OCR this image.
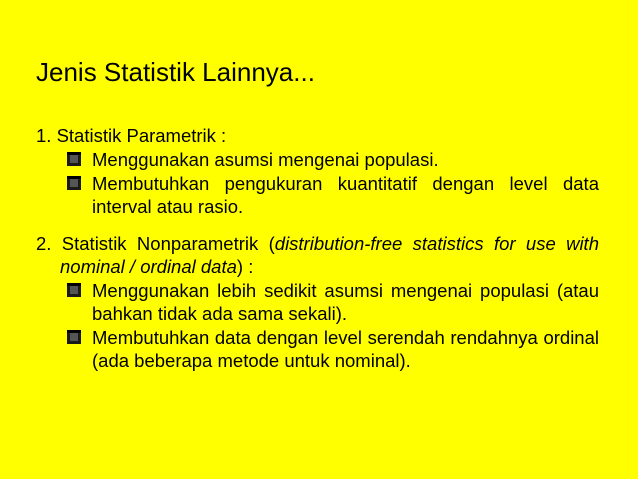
Jenis Statistik Lainnya...
1. Statistik Parametrik :
Menggunakan asumsi mengenai populasi.
Membutuhkan pengukuran kuantitatif dengan level data interval atau rasio.
2. Statistik Nonparametrik (distribution-free statistics for use with nominal / ordinal data) :
Menggunakan lebih sedikit asumsi mengenai populasi (atau bahkan tidak ada sama sekali).
Membutuhkan data dengan level serendah rendahnya ordinal (ada beberapa metode untuk nominal).
